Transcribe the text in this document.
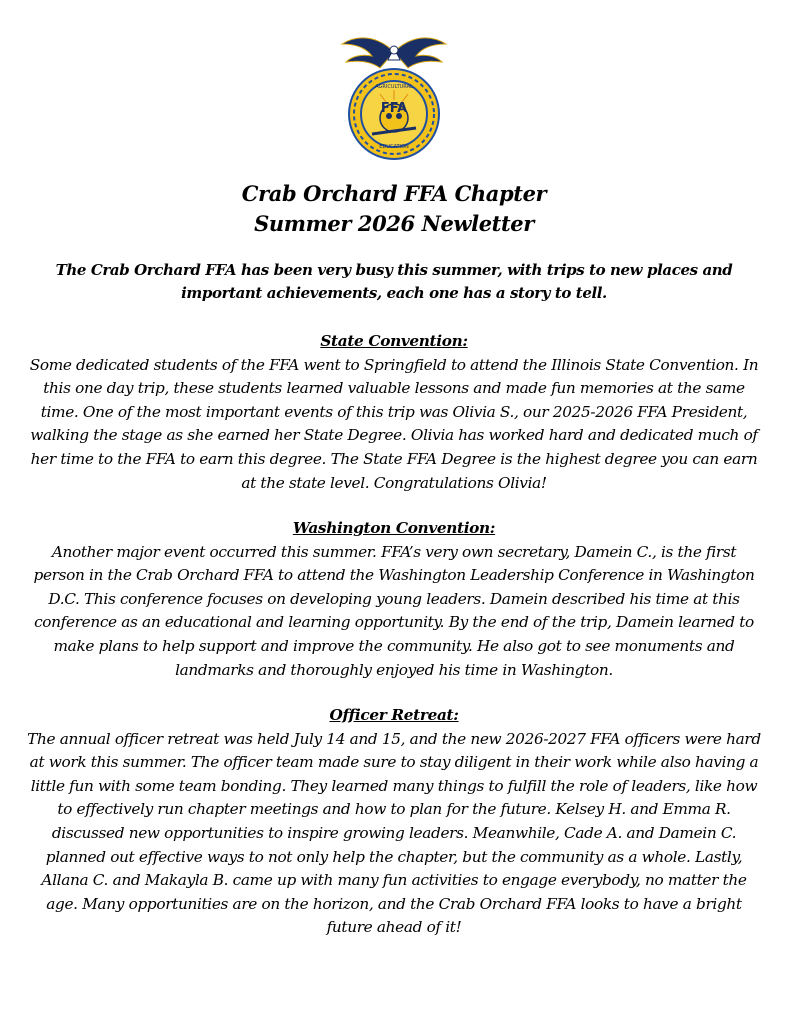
FFA
AGRICULTURAL
EDUCATION
Crab Orchard FFA Chapter
Summer 2026 Newletter
The Crab Orchard FFA has been very busy this summer, with trips to new places and important achievements, each one has a story to tell.
State Convention:
Some dedicated students of the FFA went to Springfield to attend the Illinois State Convention. In this one day trip, these students learned valuable lessons and made fun memories at the same time. One of the most important events of this trip was Olivia S., our 2025-2026 FFA President, walking the stage as she earned her State Degree. Olivia has worked hard and dedicated much of her time to the FFA to earn this degree. The State FFA Degree is the highest degree you can earn at the state level. Congratulations Olivia!
Washington Convention:
Another major event occurred this summer. FFA’s very own secretary, Damein C., is the first person in the Crab Orchard FFA to attend the Washington Leadership Conference in Washington D.C. This conference focuses on developing young leaders. Damein described his time at this conference as an educational and learning opportunity. By the end of the trip, Damein learned to make plans to help support and improve the community. He also got to see monuments and landmarks and thoroughly enjoyed his time in Washington.
Officer Retreat:
The annual officer retreat was held July 14 and 15, and the new 2026-2027 FFA officers were hard at work this summer. The officer team made sure to stay diligent in their work while also having a little fun with some team bonding. They learned many things to fulfill the role of leaders, like how to effectively run chapter meetings and how to plan for the future. Kelsey H. and Emma R. discussed new opportunities to inspire growing leaders. Meanwhile, Cade A. and Damein C. planned out effective ways to not only help the chapter, but the community as a whole. Lastly, Allana C. and Makayla B. came up with many fun activities to engage everybody, no matter the age. Many opportunities are on the horizon, and the Crab Orchard FFA looks to have a bright future ahead of it!
